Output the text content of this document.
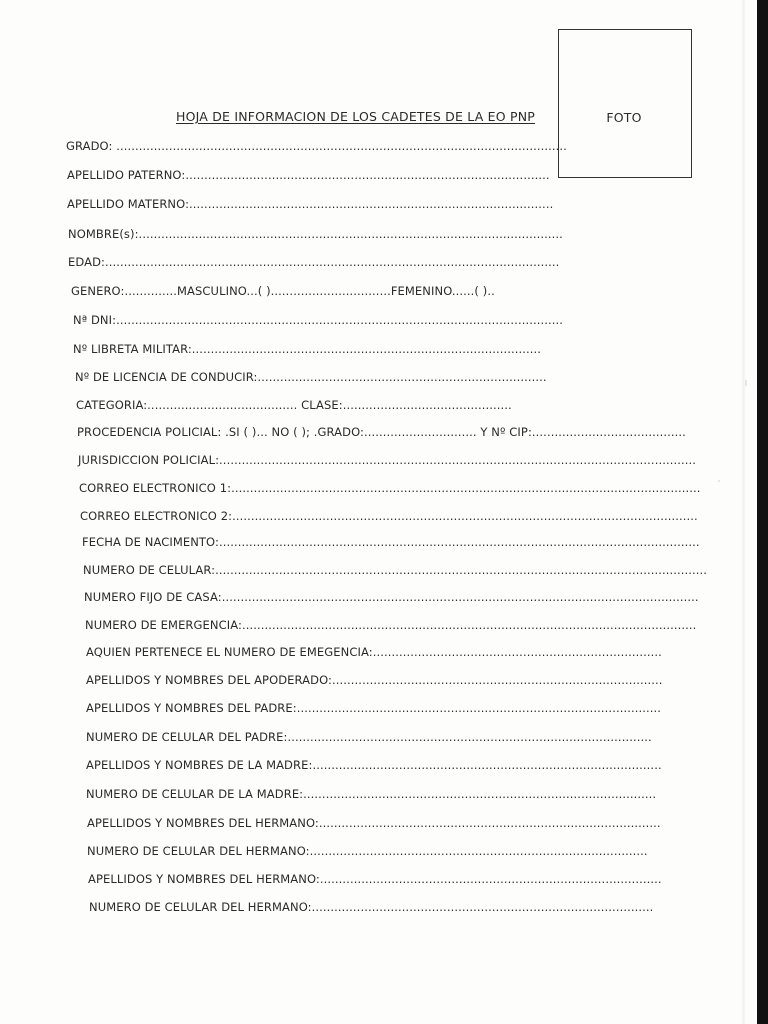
FOTO
HOJA DE INFORMACION DE LOS CADETES DE LA EO PNP
GRADO: ........................................................................................................................
APELLIDO PATERNO:.................................................................................................
APELLIDO MATERNO:.................................................................................................
NOMBRE(s):.................................................................................................................
EDAD:.........................................................................................................................
GENERO:..............MASCULINO...( )................................FEMENINO......( )..
Nª DNI:.......................................................................................................................
Nº LIBRETA MILITAR:.............................................................................................
Nº DE LICENCIA DE CONDUCIR:.............................................................................
CATEGORIA:........................................ CLASE:.............................................
PROCEDENCIA POLICIAL: .SI ( )... NO ( ); .GRADO:.............................. Y Nº CIP:.........................................
JURISDICCION POLICIAL:...............................................................................................................................
CORREO ELECTRONICO 1:.............................................................................................................................
CORREO ELECTRONICO 2:............................................................................................................................
FECHA DE NACIMENTO:................................................................................................................................
NUMERO DE CELULAR:...................................................................................................................................
NUMERO FIJO DE CASA:...............................................................................................................................
NUMERO DE EMERGENCIA:.........................................................................................................................
AQUIEN PERTENECE EL NUMERO DE EMEGENCIA:.............................................................................
APELLIDOS Y NOMBRES DEL APODERADO:........................................................................................
APELLIDOS Y NOMBRES DEL PADRE:.................................................................................................
NUMERO DE CELULAR DEL PADRE:.................................................................................................
APELLIDOS Y NOMBRES DE LA MADRE:.............................................................................................
NUMERO DE CELULAR DE LA MADRE:..............................................................................................
APELLIDOS Y NOMBRES DEL HERMANO:...........................................................................................
NUMERO DE CELULAR DEL HERMANO:..........................................................................................
APELLIDOS Y NOMBRES DEL HERMANO:...........................................................................................
NUMERO DE CELULAR DEL HERMANO:...........................................................................................
